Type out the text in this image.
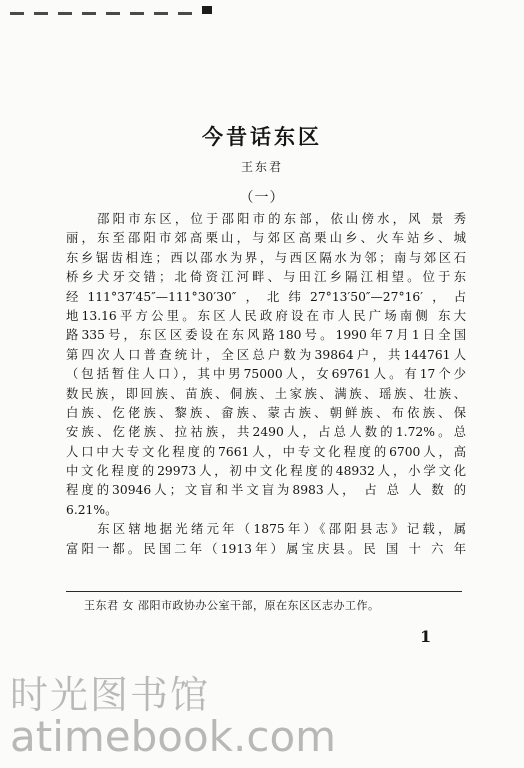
今昔话东区
王东君
（一）
　　邵阳市东区，位于邵阳市的东部，依山傍水，风 景 秀
丽，东至邵阳市郊高栗山，与郊区高栗山乡、火车站乡、城
东乡锯齿相连；西以邵水为界，与西区隔水为邻；南与郊区石
桥乡犬牙交错；北倚资江河畔、与田江乡隔江相望。位于东
经111°37′45″—111°30′30″，北纬27°13′50″—27°16′，占
地13.16平方公里。东区人民政府设在市人民广场南侧 东大
路335号，东区区委设在东风路180号。1990年7月1日全国
第四次人口普查统计，全区总户数为39864户，共144761人
（包括暂住人口），其中男75000人，女69761人。有17个少
数民族，即回族、苗族、侗族、土家族、满族、瑶族、壮族、
白族、仡佬族、黎族、畲族、蒙古族、朝鲜族、布依族、保
安族、仡佬族、拉祜族，共2490人，占总人数的1.72%。总
人口中大专文化程度的7661人，中专文化程度的6700人，高
中文化程度的29973人，初中文化程度的48932人，小学文化
程度的30946人；文盲和半文盲为8983人， 占 总 人 数 的
6.21%。
　　东区辖地据光绪元年（1875年）《邵阳县志》记载，属
富阳一都。民国二年（1913年）属宝庆县。民 国 十 六 年
王东君 女 邵阳市政协办公室干部，原在东区区志办工作。
1
时光图书馆
atimebook.com
